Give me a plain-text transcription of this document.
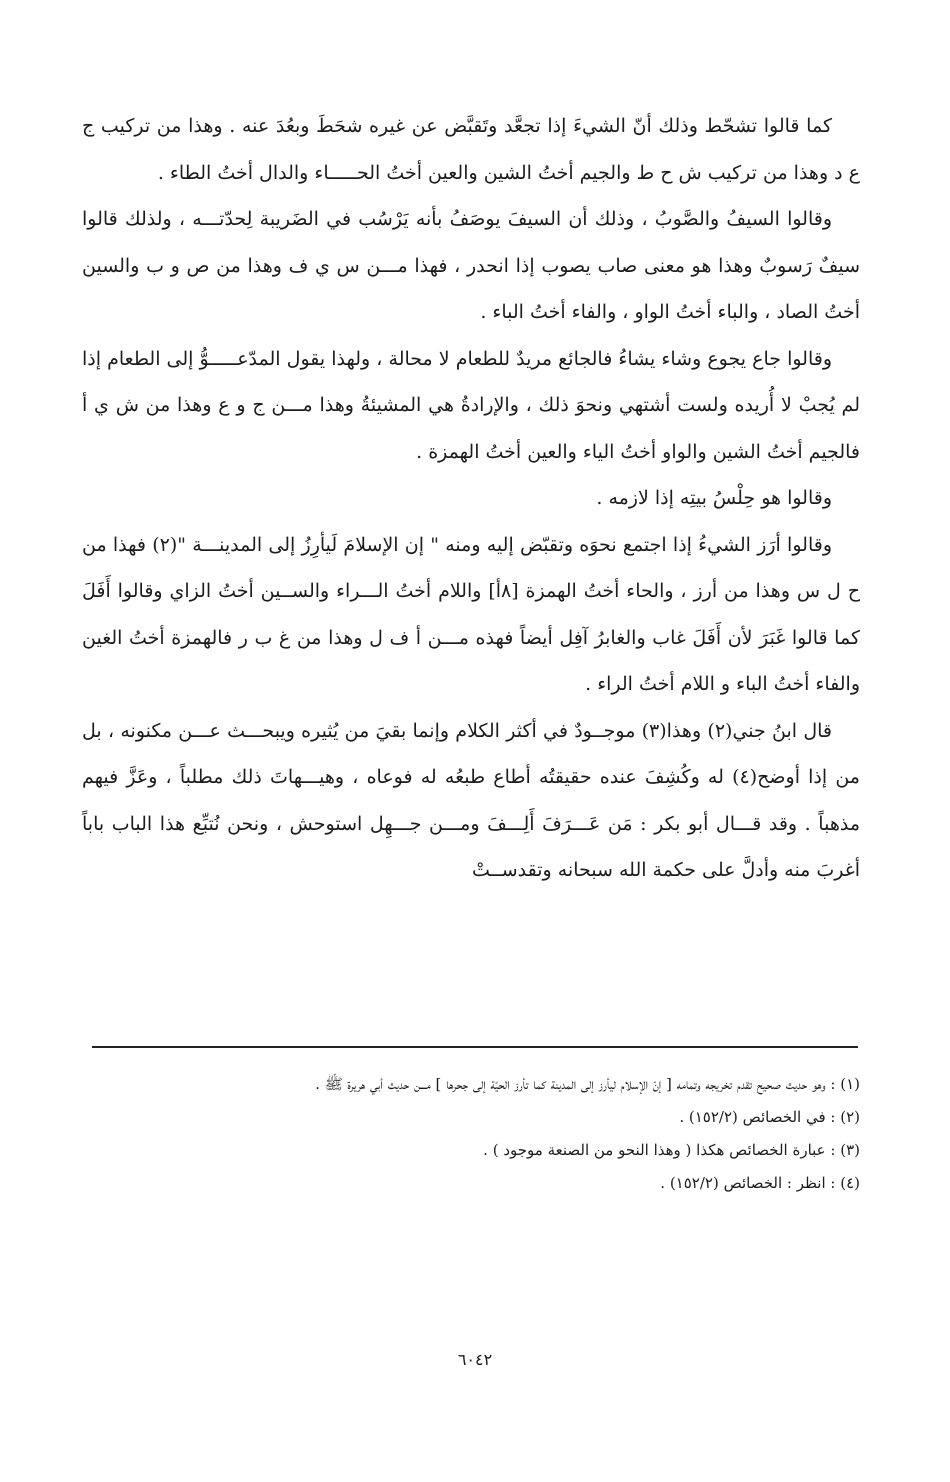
كما قالوا تشحّط وذلك أنّ الشيءَ إذا تجعَّد وتَقبَّض عن غيره شحَطَ وبعُدَ عنه . وهذا من تركيب ج ع د وهذا من تركيب ش ح ط والجيم أختُ الشين والعين أختُ الحـــــاء والدال أختُ الطاء .

وقالوا السيفُ والصَّوبُ ، وذلك أن السيفَ يوصَفُ بأنه يَرْسُب في الضَريبة لِحدّتـــه ، ولذلك قالوا سيفٌ رَسوبٌ وهذا هو معنى صاب يصوب إذا انحدر ، فهذا مـــن س ي ف وهذا من ص و ب والسين أختُ الصاد ، والباء أختُ الواو ، والفاء أختُ الباء .

وقالوا جاع يجوع وشاء يشاءُ فالجائع مريدٌ للطعام لا محالة ، ولهذا يقول المدّعـــــوُّ إلى الطعام إذا لم يُجبْ لا أُريده ولست أشتهي ونحوَ ذلك ، والإرادةُ هي المشيئةُ وهذا مـــن ج و ع وهذا من ش ي أ فالجيم أختُ الشين والواو أختُ الياء والعين أختُ الهمزة .

وقالوا هو حِلْسُ بيتِه إذا لازمه .

وقالوا أرَز الشيءُ إذا اجتمع نحوَه وتقبّض إليه ومنه " إن الإسلامَ لَيأرِزُ إلى المدينـــة "(٢) فهذا من ح ل س وهذا من أرز ، والحاء أختُ الهمزة [٨أ] واللام أختُ الـــراء والســين أختُ الزاي وقالوا أَفَلَ كما قالوا غَبَرَ لأن أَفَلَ غاب والغابرُ آفِل أيضاً فهذه مـــن أ ف ل وهذا من غ ب ر فالهمزة أختُ الغين والفاء أختُ الباء و اللام أختُ الراء .

قال ابنُ جني(٢) وهذا(٣) موجــودٌ في أكثر الكلام وإنما بقيَ من يُثيره ويبحـــث عـــن مكنونه ، بل من إذا أوضح(٤) له وكُشِفَ عنده حقيقتُه أطاع طبعُه له فوعاه ، وهيـــهاتَ ذلك مطلباً ، وعَزَّ فيهم مذهباً . وقد قـــال أبو بكر : مَن عَـــرَفَ أَلِـــفَ ومـــن جـــهِل استوحش ، ونحن نُتبِّع هذا الباب باباً أغربَ منه وأدلَّ على حكمة الله سبحانه وتقدســتْ

(١) : وهو حديث صحيح تقدم تخريجه وتمامه [ إنّ الإسلام ليأرز إلى المدينة كما تأرز الحيّة إلى جحرها ] مـــن حديث أبي هريرة ﷺ .

(٢) : في الخصائص (١٥٢/٢) .

(٣) : عبارة الخصائص هكذا ( وهذا النحو من الصنعة موجود ) .

(٤) : انظر : الخصائص (١٥٢/٢) .

٦٠٤٢
